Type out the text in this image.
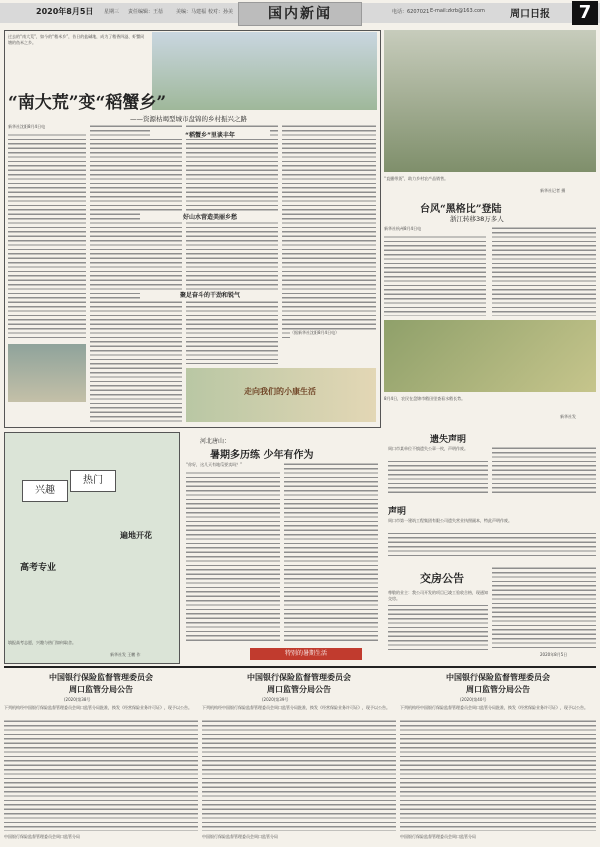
2020年8月5日 星期三 责任编辑：王蓓	美编：马建福 校对：孙美	国内新闻	电话：6207021 E-mail:zkrb@163.com	周口日报	7
过去的“南大荒”，如今的“稻米乡”，昔日的盐碱地，成为了稻香四溢、虾蟹同塘的鱼米之乡。
“南大荒”变“稻蟹乡”
——资源枯竭型城市盘锦的乡村振兴之路
新华社沈阳8月4日电
“稻蟹乡”里谈丰年
好山水营造美丽乡愁
聚足奋斗的干劲和锐气
（据新华社沈阳8月4日电）
走向我们的小康生活
“直播带货”，助力乡村农产品销售。
新华社记者 摄
台风“黑格比”登陆
浙江转移38万多人
新华社杭州8月4日电
8月4日，农民在盘锦市稻田里查看水稻长势。
新华社发
兴趣
热门
高考专业
遍地开花
填报高考志愿，兴趣与热门如何取舍。
新华社发 王鹏 作
河北唐山：
暑期多历练 少年有作为
“你好，这几天有地瓜要卖吗？”
特别的暑期生活
遗失声明
周口市某单位不慎遗失公章一枚，声明作废。
声明
周口市第一建筑工程集团有限公司遗失营业执照副本，特此声明作废。
交房公告
尊敬的业主：我公司开发的项目已竣工验收合格，现通知交房。
2020年8月5日
中国银行保险监督管理委员会
周口监管分局公告
(2020)第38号
下列机构经中国银行保险监督管理委员会周口监管分局批准，换发《经营保险业务许可证》，现予以公告。
中国银行保险监督管理委员会周口监管分局
中国银行保险监督管理委员会
周口监管分局公告
(2020)第39号
下列机构经中国银行保险监督管理委员会周口监管分局批准，换发《经营保险业务许可证》，现予以公告。
中国银行保险监督管理委员会周口监管分局
中国银行保险监督管理委员会
周口监管分局公告
(2020)第40号
下列机构经中国银行保险监督管理委员会周口监管分局批准，换发《经营保险业务许可证》，现予以公告。
中国银行保险监督管理委员会周口监管分局
